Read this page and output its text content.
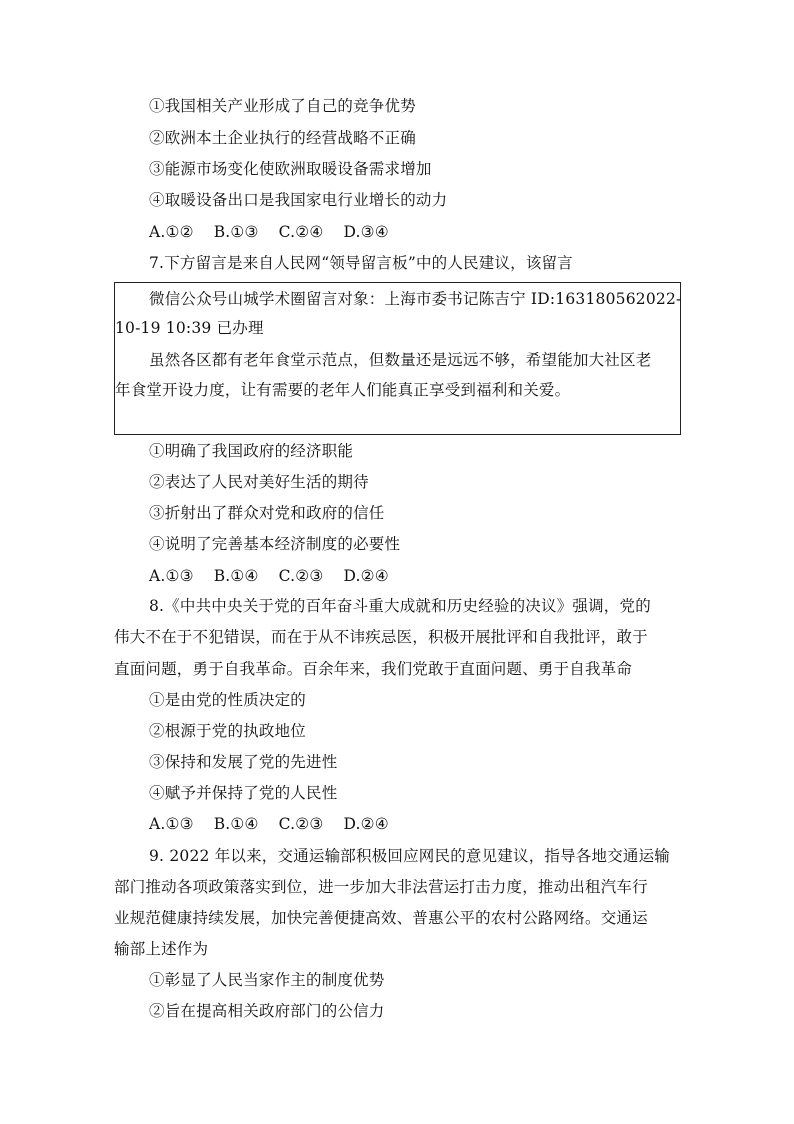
①我国相关产业形成了自己的竞争优势
②欧洲本土企业执行的经营战略不正确
③能源市场变化使欧洲取暖设备需求增加
④取暖设备出口是我国家电行业增长的动力
A.①② B.①③ C.②④ D.③④
7.下方留言是来自人民网“领导留言板”中的人民建议，该留言
微信公众号山城学术圈留言对象：上海市委书记陈吉宁 ID:163180562022-
10-19 10:39 已办理
虽然各区都有老年食堂示范点，但数量还是远远不够，希望能加大社区老
年食堂开设力度，让有需要的老年人们能真正享受到福利和关爱。
①明确了我国政府的经济职能
②表达了人民对美好生活的期待
③折射出了群众对党和政府的信任
④说明了完善基本经济制度的必要性
A.①③ B.①④ C.②③ D.②④
8.《中共中央关于党的百年奋斗重大成就和历史经验的决议》强调，党的
伟大不在于不犯错误，而在于从不讳疾忌医，积极开展批评和自我批评，敢于
直面问题，勇于自我革命。百余年来，我们党敢于直面问题、勇于自我革命
①是由党的性质决定的
②根源于党的执政地位
③保持和发展了党的先进性
④赋予并保持了党的人民性
A.①③ B.①④ C.②③ D.②④
9. 2022 年以来，交通运输部积极回应网民的意见建议，指导各地交通运输
部门推动各项政策落实到位，进一步加大非法营运打击力度，推动出租汽车行
业规范健康持续发展，加快完善便捷高效、普惠公平的农村公路网络。交通运
输部上述作为
①彰显了人民当家作主的制度优势
②旨在提高相关政府部门的公信力
